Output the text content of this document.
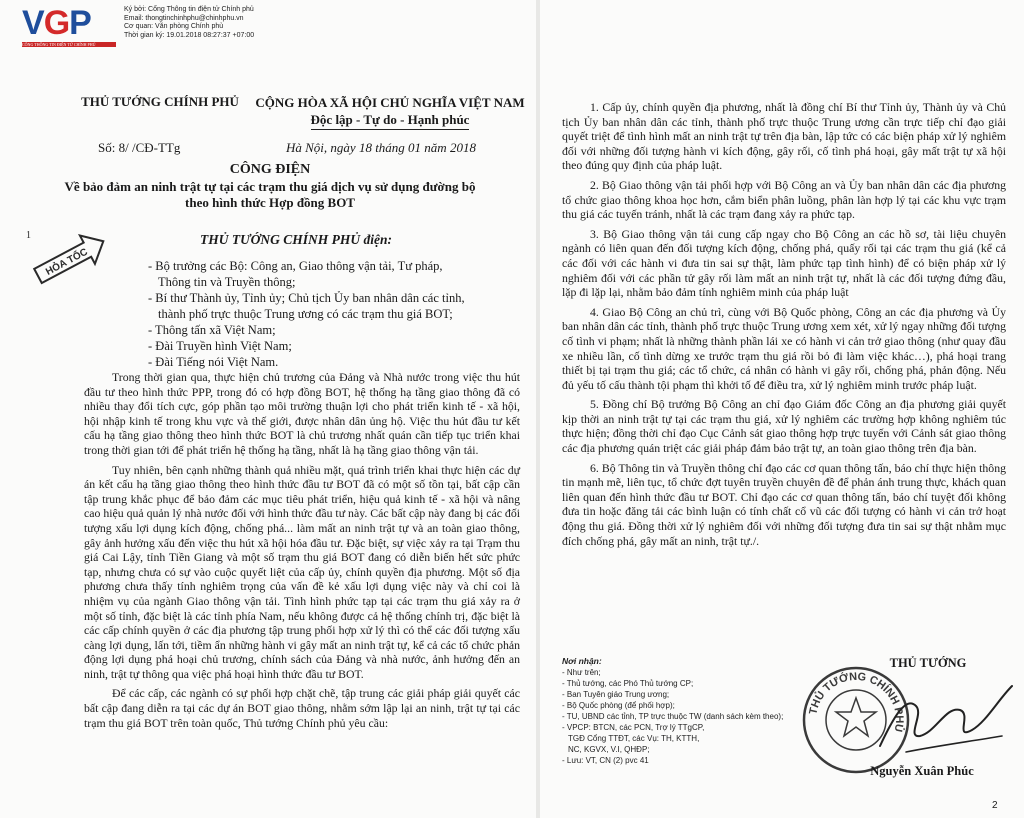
VGP
CỔNG THÔNG TIN ĐIỆN TỬ CHÍNH PHỦ
Ký bởi: Cổng Thông tin điện tử Chính phủ
Email: thongtinchinhphu@chinhphu.vn
Cơ quan: Văn phòng Chính phủ
Thời gian ký: 19.01.2018 08:27:37 +07:00
THỦ TƯỚNG CHÍNH PHỦ	CỘNG HÒA XÃ HỘI CHỦ NGHĨA VIỆT NAM
Độc lập - Tự do - Hạnh phúc
Số: 8/ /CĐ-TTg	Hà Nội, ngày 18 tháng 01 năm 2018
CÔNG ĐIỆN
Về bảo đảm an ninh trật tự tại các trạm thu giá dịch vụ sử dụng đường bộ
theo hình thức Hợp đồng BOT
1
HỎA TỐC
THỦ TƯỚNG CHÍNH PHỦ điện:
- Bộ trưởng các Bộ: Công an, Giao thông vận tải, Tư pháp,
Thông tin và Truyền thông;
- Bí thư Thành ủy, Tỉnh ủy; Chủ tịch Ủy ban nhân dân các tỉnh,
thành phố trực thuộc Trung ương có các trạm thu giá BOT;
- Thông tấn xã Việt Nam;
- Đài Truyền hình Việt Nam;
- Đài Tiếng nói Việt Nam.

Trong thời gian qua, thực hiện chủ trương của Đảng và Nhà nước trong việc thu hút đầu tư theo hình thức PPP, trong đó có hợp đồng BOT, hệ thống hạ tầng giao thông đã có nhiều thay đổi tích cực, góp phần tạo môi trường thuận lợi cho phát triển kinh tế - xã hội, hội nhập kinh tế trong khu vực và thế giới, được nhân dân ủng hộ. Việc thu hút đầu tư kết cấu hạ tầng giao thông theo hình thức BOT là chủ trương nhất quán cần tiếp tục triển khai trong thời gian tới để phát triển hệ thống hạ tầng, nhất là hạ tầng giao thông vận tải.

Tuy nhiên, bên cạnh những thành quả nhiều mặt, quá trình triển khai thực hiện các dự án kết cấu hạ tầng giao thông theo hình thức đầu tư BOT đã có một số tồn tại, bất cập cần tập trung khắc phục để bảo đảm các mục tiêu phát triển, hiệu quả kinh tế - xã hội và nâng cao hiệu quả quản lý nhà nước đối với hình thức đầu tư này. Các bất cập này đang bị các đối tượng xấu lợi dụng kích động, chống phá... làm mất an ninh trật tự và an toàn giao thông, gây ảnh hưởng xấu đến việc thu hút xã hội hóa đầu tư. Đặc biệt, sự việc xảy ra tại Trạm thu giá Cai Lậy, tỉnh Tiền Giang và một số trạm thu giá BOT đang có diễn biến hết sức phức tạp, nhưng chưa có sự vào cuộc quyết liệt của cấp ủy, chính quyền địa phương. Một số địa phương chưa thấy tính nghiêm trọng của vấn đề kẻ xấu lợi dụng việc này và chỉ coi là nhiệm vụ của ngành Giao thông vận tải. Tình hình phức tạp tại các trạm thu giá xảy ra ở một số tỉnh, đặc biệt là các tỉnh phía Nam, nếu không được cả hệ thống chính trị, đặc biệt là các cấp chính quyền ở các địa phương tập trung phối hợp xử lý thì có thể các đối tượng xấu càng lợi dụng, lấn tới, tiềm ẩn những hành vi gây mất an ninh trật tự, kể cả các tổ chức phản động lợi dụng phá hoại chủ trương, chính sách của Đảng và nhà nước, ảnh hưởng đến an ninh, trật tự thông qua việc phá hoại hình thức đầu tư BOT.

Để các cấp, các ngành có sự phối hợp chặt chẽ, tập trung các giải pháp giải quyết các bất cập đang diễn ra tại các dự án BOT giao thông, nhằm sớm lập lại an ninh, trật tự tại các trạm thu giá BOT trên toàn quốc, Thủ tướng Chính phủ yêu cầu:

1. Cấp ủy, chính quyền địa phương, nhất là đồng chí Bí thư Tỉnh ủy, Thành ủy và Chủ tịch Ủy ban nhân dân các tỉnh, thành phố trực thuộc Trung ương cần trực tiếp chỉ đạo giải quyết triệt để tình hình mất an ninh trật tự trên địa bàn, lập tức có các biện pháp xử lý nghiêm đối với những đối tượng hành vi kích động, gây rối, cố tình phá hoại, gây mất trật tự xã hội theo đúng quy định của pháp luật.

2. Bộ Giao thông vận tải phối hợp với Bộ Công an và Ủy ban nhân dân các địa phương tổ chức giao thông khoa học hơn, cắm biển phân luồng, phân làn hợp lý tại các khu vực trạm thu giá các tuyến tránh, nhất là các trạm đang xảy ra phức tạp.

3. Bộ Giao thông vận tải cung cấp ngay cho Bộ Công an các hồ sơ, tài liệu chuyên ngành có liên quan đến đối tượng kích động, chống phá, quấy rối tại các trạm thu giá (kể cả các đối với các hành vi đưa tin sai sự thật, làm phức tạp tình hình) để có biện pháp xử lý nghiêm đối với các phần tử gây rối làm mất an ninh trật tự, nhất là các đối tượng đứng đầu, lặp đi lặp lại, nhằm bảo đảm tính nghiêm minh của pháp luật

4. Giao Bộ Công an chủ trì, cùng với Bộ Quốc phòng, Công an các địa phương và Ủy ban nhân dân các tỉnh, thành phố trực thuộc Trung ương xem xét, xử lý ngay những đối tượng cố tình vi phạm; nhất là những thành phần lái xe có hành vi cản trở giao thông (như quay đầu xe nhiều lần, cố tình dừng xe trước trạm thu giá rồi bỏ đi làm việc khác…), phá hoại trang thiết bị tại trạm thu giá; các tổ chức, cá nhân có hành vi gây rối, chống phá, phản động. Nếu đủ yếu tố cấu thành tội phạm thì khởi tố để điều tra, xử lý nghiêm minh trước pháp luật.

5. Đồng chí Bộ trưởng Bộ Công an chỉ đạo Giám đốc Công an địa phương giải quyết kịp thời an ninh trật tự tại các trạm thu giá, xử lý nghiêm các trường hợp không nghiêm túc thực hiện; đồng thời chỉ đạo Cục Cảnh sát giao thông hợp trực tuyến với Cảnh sát giao thông các địa phương quán triệt các giải pháp đảm bảo trật tự, an toàn giao thông trên địa bàn.

6. Bộ Thông tin và Truyền thông chỉ đạo các cơ quan thông tấn, báo chí thực hiện thông tin mạnh mẽ, liên tục, tổ chức đợt tuyên truyền chuyên đề để phản ánh trung thực, khách quan liên quan đến hình thức đầu tư BOT. Chỉ đạo các cơ quan thông tấn, báo chí tuyệt đối không đưa tin hoặc đăng tải các bình luận có tính chất cổ vũ các đối tượng có hành vi cản trở hoạt động thu giá. Đồng thời xử lý nghiêm đối với những đối tượng đưa tin sai sự thật nhằm mục đích chống phá, gây mất an ninh, trật tự./.

Nơi nhận:
- Như trên;
- Thủ tướng, các Phó Thủ tướng CP;
- Ban Tuyên giáo Trung ương;
- Bộ Quốc phòng (để phối hợp);
- TU, UBND các tỉnh, TP trực thuộc TW (danh sách kèm theo);
- VPCP: BTCN, các PCN, Trợ lý TTgCP,
TGĐ Cổng TTĐT, các Vụ: TH, KTTH,
NC, KGVX, V.I, QHĐP;
- Lưu: VT, CN (2) pvc 41
THỦ TƯỚNG
THỦ TƯỚNG CHÍNH PHỦ
Nguyễn Xuân Phúc
2
